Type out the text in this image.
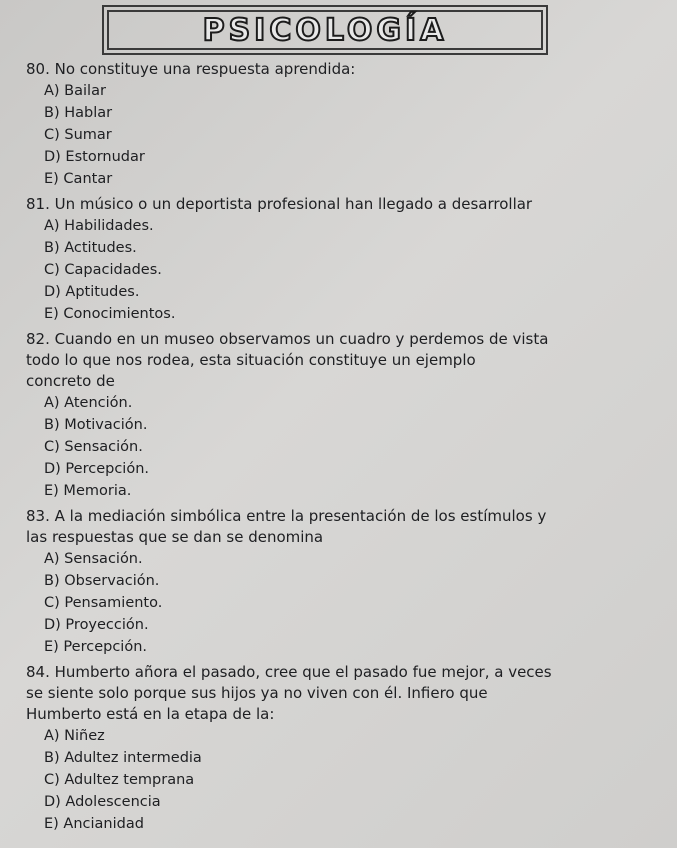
PSICOLOGÍA

80. No constituye una respuesta aprendida:

A) Bailar
B) Hablar
C) Sumar
D) Estornudar
E) Cantar

81. Un músico o un deportista profesional han llegado a desarrollar

A) Habilidades.
B) Actitudes.
C) Capacidades.
D) Aptitudes.
E) Conocimientos.

82. Cuando en un museo observamos un cuadro y perdemos de vista
todo lo que nos rodea, esta situación constituye un ejemplo
concreto de

A) Atención.
B) Motivación.
C) Sensación.
D) Percepción.
E) Memoria.

83. A la mediación simbólica entre la presentación de los estímulos y
las respuestas que se dan se denomina

A) Sensación.
B) Observación.
C) Pensamiento.
D) Proyección.
E) Percepción.

84. Humberto añora el pasado, cree que el pasado fue mejor, a veces
se siente solo porque sus hijos ya no viven con él. Infiero que
Humberto está en la etapa de la:

A) Niñez
B) Adultez intermedia
C) Adultez temprana
D) Adolescencia
E) Ancianidad
